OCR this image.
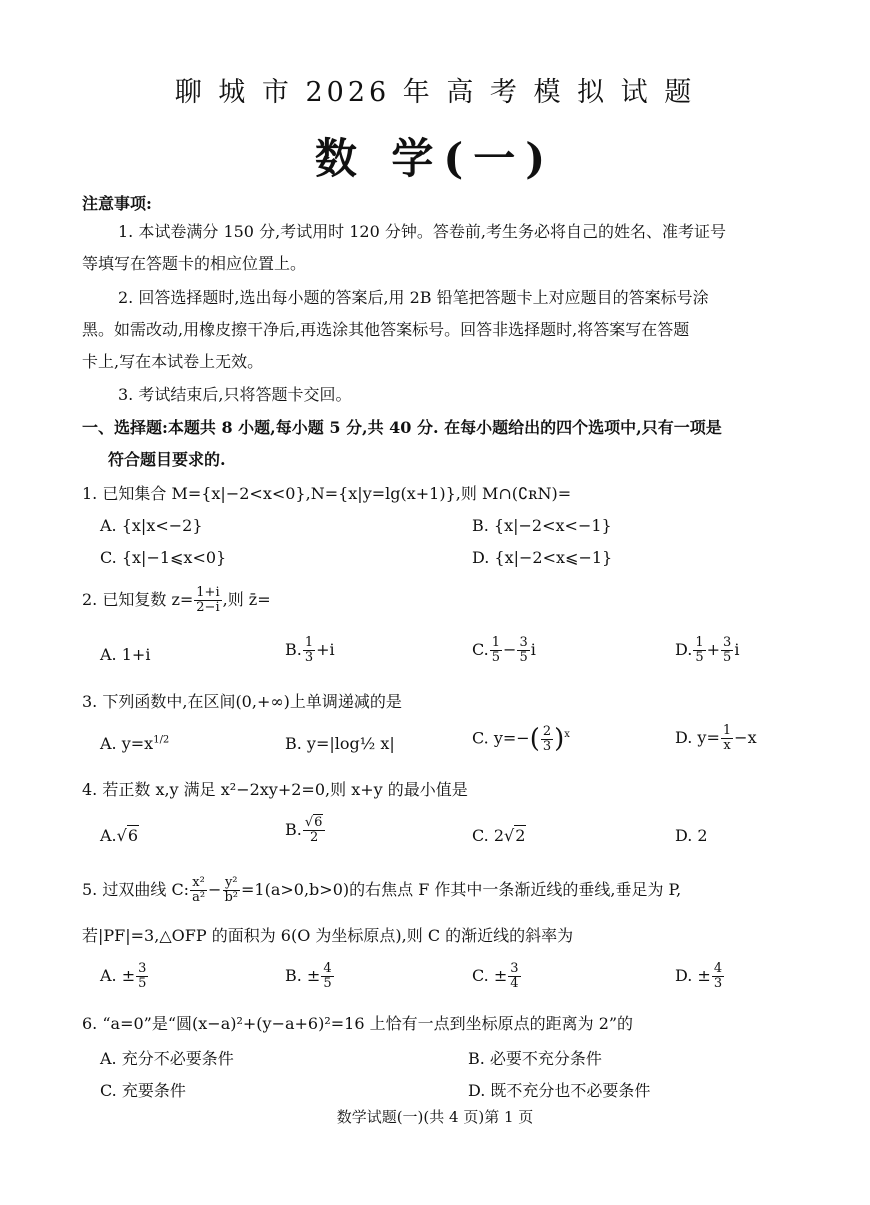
聊 城 市 2026 年 高 考 模 拟 试 题
数 学(一)
注意事项:
1. 本试卷满分 150 分,考试用时 120 分钟。答卷前,考生务必将自己的姓名、准考证号
等填写在答题卡的相应位置上。
2. 回答选择题时,选出每小题的答案后,用 2B 铅笔把答题卡上对应题目的答案标号涂
黑。如需改动,用橡皮擦干净后,再选涂其他答案标号。回答非选择题时,将答案写在答题
卡上,写在本试卷上无效。
3. 考试结束后,只将答题卡交回。
一、选择题:本题共 8 小题,每小题 5 分,共 40 分. 在每小题给出的四个选项中,只有一项是
符合题目要求的.
1. 已知集合 M={x|−2<x<0},N={x|y=lg(x+1)},则 M∩(∁ʀN)=
A. {x|x<−2}	B. {x|−2<x<−1}
C. {x|−1⩽x<0}	D. {x|−2<x⩽−1}
2. 已知复数 $z= \frac{1+i}{2-i}$ ,则 z̄=
A. 1+i	B. $\frac{1}{3} +i$	C. $\frac{1}{5} - \frac{3}{5}$ i	D. $\frac{1}{5} + \frac{3}{5}$ i
3. 下列函数中,在区间(0,+∞)上单调递减的是
A. $y=x^{1/2}$	B. y=|log½ x|	C. $y=-( \frac{2}{3} )^x$	D. $y= \frac{1}{x} -x$
4. 若正数 x,y 满足 x²−2xy+2=0,则 x+y 的最小值是
A.√6	B. $\frac{√6}{2}$	C. 2√2	D. 2
5. 过双曲线 C: $\frac{\text{x²}}{\text{a²}} - \frac{\text{y²}}{\text{b²}} =1(a>0,b>0)$的右焦点 F 作其中一条渐近线的垂线,垂足为 P,
若|PF|=3,△OFP 的面积为 6(O 为坐标原点),则 C 的渐近线的斜率为
A. ± $\frac{3}{5}$	B. ± $\frac{4}{5}$	C. ± $\frac{3}{4}$	D. ± $\frac{4}{3}$
6. “a=0”是“圆(x−a)²+(y−a+6)²=16 上恰有一点到坐标原点的距离为 2”的
A. 充分不必要条件	B. 必要不充分条件
C. 充要条件	D. 既不充分也不必要条件
数学试题(一)(共 4 页)第 1 页
